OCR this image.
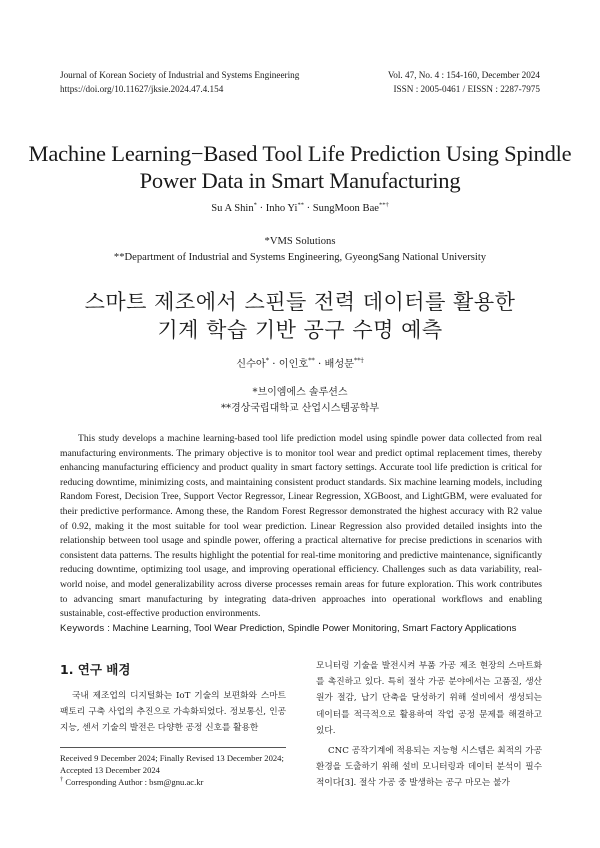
Journal of Korean Society of Industrial and Systems Engineering
https://doi.org/10.11627/jksie.2024.47.4.154
Vol. 47, No. 4 : 154-160, December 2024
ISSN : 2005-0461 / EISSN : 2287-7975
Machine Learning−Based Tool Life Prediction Using Spindle
Power Data in Smart Manufacturing
Su A Shin* · Inho Yi** · SungMoon Bae**†
*VMS Solutions
**Department of Industrial and Systems Engineering, GyeongSang National University
스마트 제조에서 스핀들 전력 데이터를 활용한
기계 학습 기반 공구 수명 예측
신수아* · 이인호** · 배성문**†
*브이엠에스 솔루션스
**경상국립대학교 산업시스템공학부
This study develops a machine learning-based tool life prediction model using spindle power data collected from real manufacturing environments. The primary objective is to monitor tool wear and predict optimal replacement times, thereby enhancing manufacturing efficiency and product quality in smart factory settings. Accurate tool life prediction is critical for reducing downtime, minimizing costs, and maintaining consistent product standards. Six machine learning models, including Random Forest, Decision Tree, Support Vector Regressor, Linear Regression, XGBoost, and LightGBM, were evaluated for their predictive performance. Among these, the Random Forest Regressor demonstrated the highest accuracy with R2 value of 0.92, making it the most suitable for tool wear prediction. Linear Regression also provided detailed insights into the relationship between tool usage and spindle power, offering a practical alternative for precise predictions in scenarios with consistent data patterns. The results highlight the potential for real-time monitoring and predictive maintenance, significantly reducing downtime, optimizing tool usage, and improving operational efficiency. Challenges such as data variability, real-world noise, and model generalizability across diverse processes remain areas for future exploration. This work contributes to advancing smart manufacturing by integrating data-driven approaches into operational workflows and enabling sustainable, cost-effective production environments.
Keywords : Machine Learning, Tool Wear Prediction, Spindle Power Monitoring, Smart Factory Applications
1. 연구 배경

국내 제조업의 디지털화는 IoT 기술의 보편화와 스마트 팩토리 구축 사업의 추진으로 가속화되었다. 정보통신, 인공지능, 센서 기술의 발전은 다양한 공정 신호를 활용한

Received 9 December 2024; Finally Revised 13 December 2024;
Accepted 13 December 2024
† Corresponding Author : bsm@gnu.ac.kr

모니터링 기술을 발전시켜 부품 가공 제조 현장의 스마트화를 촉진하고 있다. 특히 절삭 가공 분야에서는 고품질, 생산원가 절감, 납기 단축을 달성하기 위해 설비에서 생성되는 데이터를 적극적으로 활용하여 작업 공정 문제를 해결하고 있다.

CNC 공작기계에 적용되는 지능형 시스템은 최적의 가공 환경을 도출하기 위해 설비 모니터링과 데이터 분석이 필수적이다[3]. 절삭 가공 중 발생하는 공구 마모는 불가
